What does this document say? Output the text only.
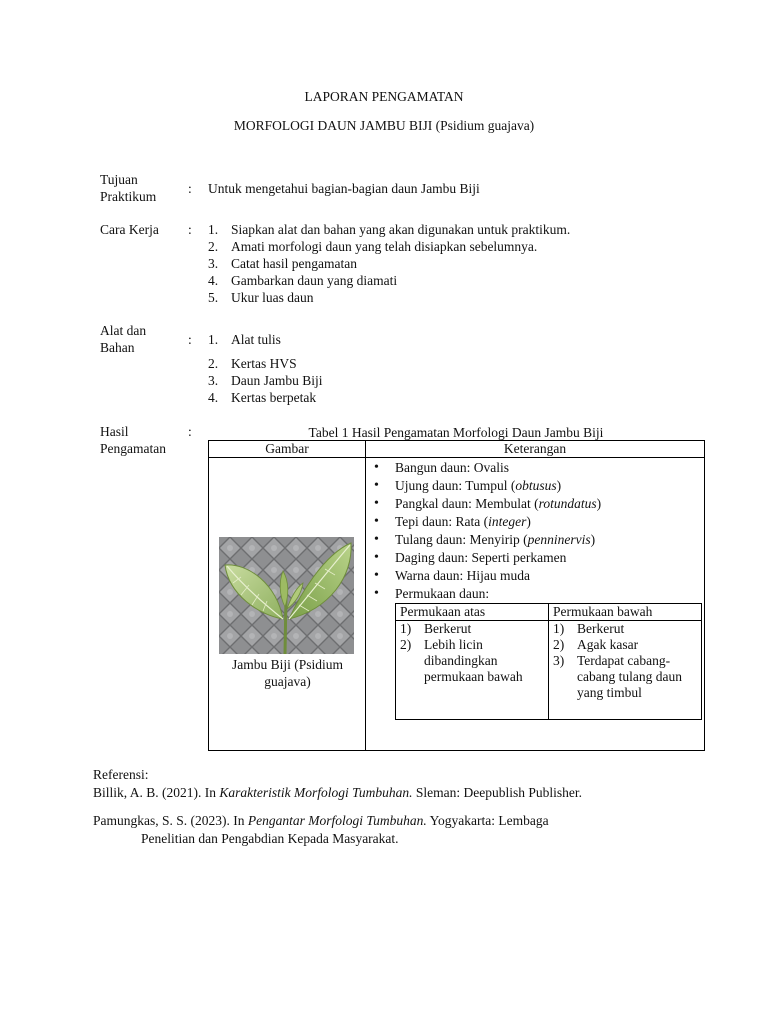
LAPORAN PENGAMATAN
MORFOLOGI DAUN JAMBU BIJI (Psidium guajava)
Tujuan
Praktikum
: Untuk mengetahui bagian-bagian daun Jambu Biji
Cara Kerja	: 1. Siapkan alat dan bahan yang akan digunakan untuk praktikum.
2. Amati morfologi daun yang telah disiapkan sebelumnya.
3. Catat hasil pengamatan
4. Gambarkan daun yang diamati
5. Ukur luas daun
Alat dan
Bahan
: 1. Alat tulis
2. Kertas HVS
3. Daun Jambu Biji
4. Kertas berpetak
Hasil
Pengamatan
:	Tabel 1 Hasil Pengamatan Morfologi Daun Jambu Biji
Gambar	Keterangan

Jambu Biji (Psidium guajava)

• Bangun daun: Ovalis
• Ujung daun: Tumpul (obtusus)
• Pangkal daun: Membulat (rotundatus)
• Tepi daun: Rata (integer)
• Tulang daun: Menyirip (penninervis)
• Daging daun: Seperti perkamen
• Warna daun: Hijau muda
• Permukaan daun:
Permukaan atas	Permukaan bawah

1) Berkerut
2) Lebih licin dibandingkan permukaan bawah

1) Berkerut
2) Agak kasar
3) Terdapat cabang-cabang tulang daun yang timbul
Referensi:
Billik, A. B. (2021). In Karakteristik Morfologi Tumbuhan. Sleman: Deepublish Publisher.
Pamungkas, S. S. (2023). In Pengantar Morfologi Tumbuhan. Yogyakarta: Lembaga
Penelitian dan Pengabdian Kepada Masyarakat.
